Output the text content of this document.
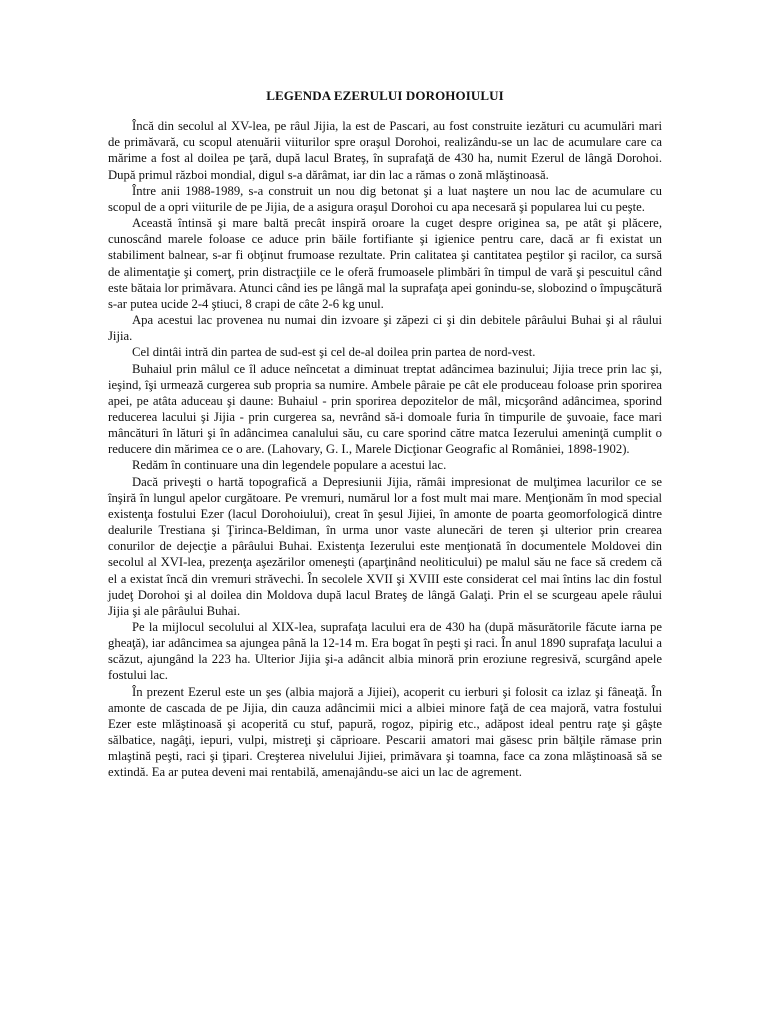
LEGENDA EZERULUI DOROHOIULUI

Încă din secolul al XV-lea, pe râul Jijia, la est de Pascari, au fost construite iezături cu acumulări mari de primăvară, cu scopul atenuării viiturilor spre oraşul Dorohoi, realizându-se un lac de acumulare care ca mărime a fost al doilea pe ţară, după lacul Brateş, în suprafaţă de 430 ha, numit Ezerul de lângă Dorohoi. După primul război mondial, digul s-a dărâmat, iar din lac a rămas o zonă mlăştinoasă.

Între anii 1988-1989, s-a construit un nou dig betonat şi a luat naştere un nou lac de acumulare cu scopul de a opri viiturile de pe Jijia, de a asigura oraşul Dorohoi cu apa necesară şi popularea lui cu peşte.

Această întinsă şi mare baltă precât inspiră oroare la cuget despre originea sa, pe atât şi plăcere, cunoscând marele foloase ce aduce prin băile fortifiante şi igienice pentru care, dacă ar fi existat un stabiliment balnear, s-ar fi obţinut frumoase rezultate. Prin calitatea şi cantitatea peştilor şi racilor, ca sursă de alimentaţie şi comerţ, prin distracţiile ce le oferă frumoasele plimbări în timpul de vară şi pescuitul când este bătaia lor primăvara. Atunci când ies pe lângă mal la suprafaţa apei gonindu-se, slobozind o împuşcătură s-ar putea ucide 2-4 ştiuci, 8 crapi de câte 2-6 kg unul.

Apa acestui lac provenea nu numai din izvoare şi zăpezi ci şi din debitele pârâului Buhai şi al râului Jijia.

Cel dintâi intră din partea de sud-est şi cel de-al doilea prin partea de nord-vest.

Buhaiul prin mâlul ce îl aduce neîncetat a diminuat treptat adâncimea bazinului; Jijia trece prin lac şi, ieşind, îşi urmează curgerea sub propria sa numire. Ambele pâraie pe cât ele produceau foloase prin sporirea apei, pe atâta aduceau şi daune: Buhaiul - prin sporirea depozitelor de mâl, micşorând adâncimea, sporind reducerea lacului şi Jijia - prin curgerea sa, nevrând să-i domoale furia în timpurile de şuvoaie, face mari mâncături în lături şi în adâncimea canalului său, cu care sporind către matca Iezerului ameninţă cumplit o reducere din mărimea ce o are. (Lahovary, G. I., Marele Dicţionar Geografic al României, 1898-1902).

Redăm în continuare una din legendele populare a acestui lac.

Dacă priveşti o hartă topografică a Depresiunii Jijia, rămâi impresionat de mulţimea lacurilor ce se înşiră în lungul apelor curgătoare. Pe vremuri, numărul lor a fost mult mai mare. Menţionăm în mod special existenţa fostului Ezer (lacul Dorohoiului), creat în şesul Jijiei, în amonte de poarta geomorfologică dintre dealurile Trestiana şi Ţirinca-Beldiman, în urma unor vaste alunecări de teren şi ulterior prin crearea conurilor de dejecţie a pârâului Buhai. Existenţa Iezerului este menţionată în documentele Moldovei din secolul al XVI-lea, prezenţa aşezărilor omeneşti (aparţinând neoliticului) pe malul său ne face să credem că el a existat încă din vremuri străvechi. În secolele XVII şi XVIII este considerat cel mai întins lac din fostul judeţ Dorohoi şi al doilea din Moldova după lacul Brateş de lângă Galaţi. Prin el se scurgeau apele râului Jijia şi ale pârâului Buhai.

Pe la mijlocul secolului al XIX-lea, suprafaţa lacului era de 430 ha (după măsurătorile făcute iarna pe gheaţă), iar adâncimea sa ajungea până la 12-14 m. Era bogat în peşti şi raci. În anul 1890 suprafaţa lacului a scăzut, ajungând la 223 ha. Ulterior Jijia şi-a adâncit albia minoră prin eroziune regresivă, scurgând apele fostului lac.

În prezent Ezerul este un şes (albia majoră a Jijiei), acoperit cu ierburi şi folosit ca izlaz şi fâneaţă. În amonte de cascada de pe Jijia, din cauza adâncimii mici a albiei minore faţă de cea majoră, vatra fostului Ezer este mlăştinoasă şi acoperită cu stuf, papură, rogoz, pipirig etc., adăpost ideal pentru raţe şi gâşte sălbatice, nagâţi, iepuri, vulpi, mistreţi şi căprioare. Pescarii amatori mai găsesc prin bălţile rămase prin mlaştină peşti, raci şi ţipari. Creşterea nivelului Jijiei, primăvara şi toamna, face ca zona mlăştinoasă să se extindă. Ea ar putea deveni mai rentabilă, amenajându-se aici un lac de agrement.
